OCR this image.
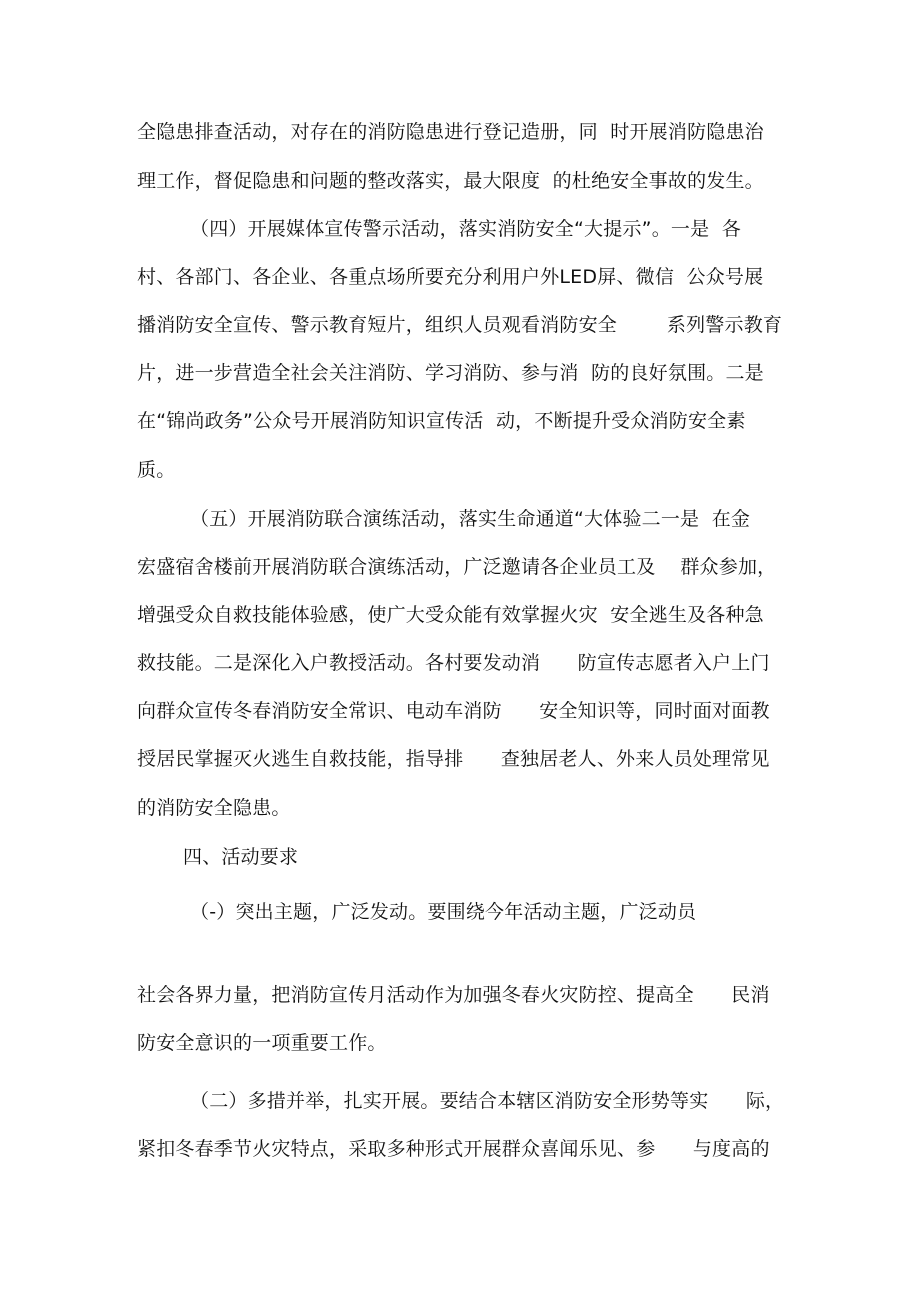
全隐患排查活动，对存在的消防隐患进行登记造册，同  时开展消防隐患治
理工作，督促隐患和问题的整改落实，最大限度  的杜绝安全事故的发生。
（四）开展媒体宣传警示活动，落实消防安全“大提示”。一是  各
村、各部门、各企业、各重点场所要充分利用户外LED屏、微信  公众号展
播消防安全宣传、警示教育短片，组织人员观看消防安全        系列警示教育
片，进一步营造全社会关注消防、学习消防、参与消  防的良好氛围。二是
在“锦尚政务”公众号开展消防知识宣传活  动，不断提升受众消防安全素
质。
（五）开展消防联合演练活动，落实生命通道“大体验二一是  在金
宏盛宿舍楼前开展消防联合演练活动，广泛邀请各企业员工及    群众参加，
增强受众自救技能体验感，使广大受众能有效掌握火灾  安全逃生及各种急
救技能。二是深化入户教授活动。各村要发动消      防宣传志愿者入户上门
向群众宣传冬春消防安全常识、电动车消防      安全知识等，同时面对面教
授居民掌握灭火逃生自救技能，指导排      查独居老人、外来人员处理常见
的消防安全隐患。
四、活动要求
（-）突出主题，广泛发动。要围绕今年活动主题，广泛动员
社会各界力量，把消防宣传月活动作为加强冬春火灾防控、提高全      民消
防安全意识的一项重要工作。
（二）多措并举，扎实开展。要结合本辖区消防安全形势等实      际，
紧扣冬春季节火灾特点，采取多种形式开展群众喜闻乐见、参      与度高的
